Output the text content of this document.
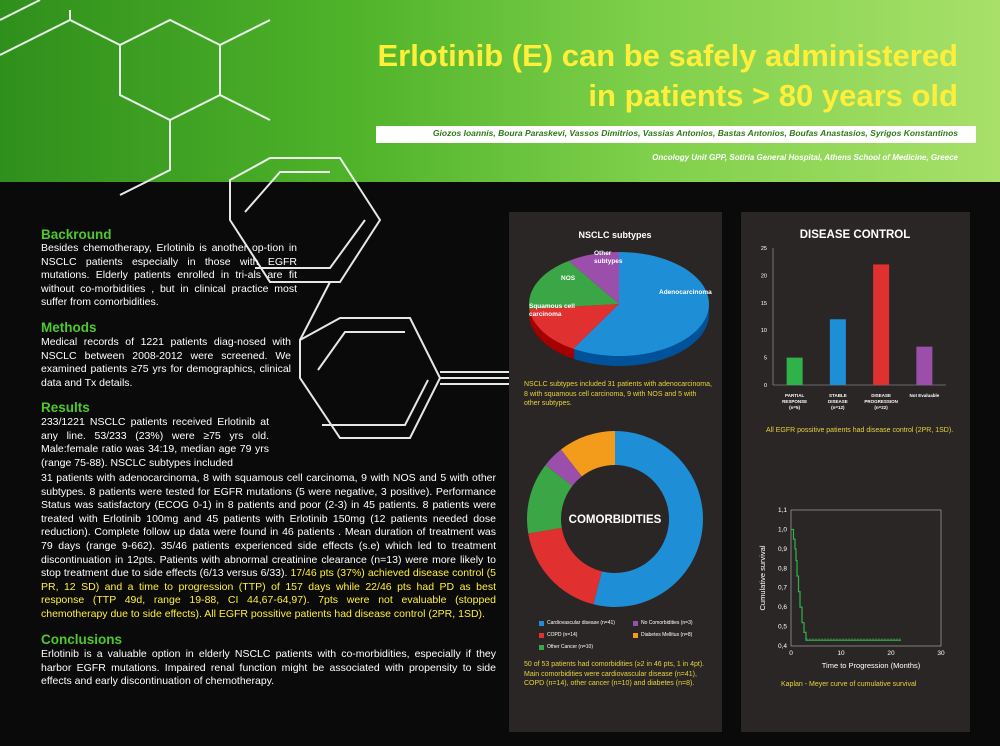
Erlotinib (E) can be safely administered
in patients > 80 years old
Giozos Ioannis, Boura Paraskevi, Vassos Dimitrios, Vassias Antonios, Bastas Antonios, Boufas Anastasios, Syrigos Konstantinos
Oncology Unit GPP, Sotiria General Hospital, Athens School of Medicine, Greece
Backround
Besides chemotherapy, Erlotinib is another op-tion in NSCLC patients especially in those with EGFR mutations. Elderly patients enrolled in tri-als are fit without co-morbidities , but in clinical practice most suffer from comorbidities.
Methods
Medical records of 1221 patients diag-nosed with NSCLC between 2008-2012 were screened. We examined patients ≥75 yrs for demographics, clinical data and Tx details.
Results
233/1221 NSCLC patients received Erlotinib at any line. 53/233 (23%) were ≥75 yrs old. Male:female ratio was 34:19, median age 79 yrs (range 75-88). NSCLC subtypes included
31 patients with adenocarcinoma, 8 with squamous cell carcinoma, 9 with NOS and 5 with other subtypes. 8 patients were tested for EGFR mutations (5 were negative, 3 positive). Performance Status was satisfactory (ECOG 0-1) in 8 patients and poor (2-3) in 45 patients. 8 patients were treated with Erlotinib 100mg and 45 patients with Erlotinib 150mg (12 patients needed dose reduction). Complete follow up data were found in 46 patients . Mean duration of treatment was 79 days (range 9-662). 35/46 patients experienced side effects (s.e) which led to treatment discontinuation in 12pts. Patients with abnormal creatinine clearance (n=13) were more likely to stop treatment due to side effects (6/13 versus 6/33). 17/46 pts (37%) achieved disease control (5 PR, 12 SD) and a time to progression (TTP) of 157 days while 22/46 pts had PD as best response (TTP 49d, range 19-88, CI 44,67-64,97). 7pts were not evaluable (stopped chemotherapy due to side effects). All EGFR possitive patients had disease control (2PR, 1SD).
Conclusions
Erlotinib is a valuable option in elderly NSCLC patients with co-morbidities, especially if they harbor EGFR mutations. Impaired renal function might be associated with propensity to side effects and early discontinuation of chemotherapy.
NSCLC subtypes
Adenocarcinoma
Squamous cell
carcinoma
NOS
Other
subtypes
NSCLC subtypes included 31 patients with adenocarcinoma, 8 with squamous cell carcinoma, 9 with NOS and 5 with other subtypes.
COMORBIDITIES
Cardiovascular disease (n=41)	No Comorbidities (n=3)
COPD (n=14)	Diabetes Mellitus (n=8)
Other Cancer (n=10)
50 of 53 patients had comorbidities (≥2 in 46 pts, 1 in 4pt). Main comorbidities were cardiovascular disease (n=41), COPD (n=14), other cancer (n=10) and diabetes (n=8).
DISEASE CONTROL
0
5
10
15
20
25
PARTIAL
RESPONSE
(n=5)
STABLE
DISEASE
(n=12)
DISEASE
PROGRESSION
(n=22)
Not Evaluable
All EGFR possitive patients had disease control (2PR, 1SD).
0,4
0,5
0,6
0,7
0,8
0,9
1,0
1,1
0	10	20	30
Time to Progression (Months)
Cumulative survival
Kaplan - Meyer curve of cumulative survival
